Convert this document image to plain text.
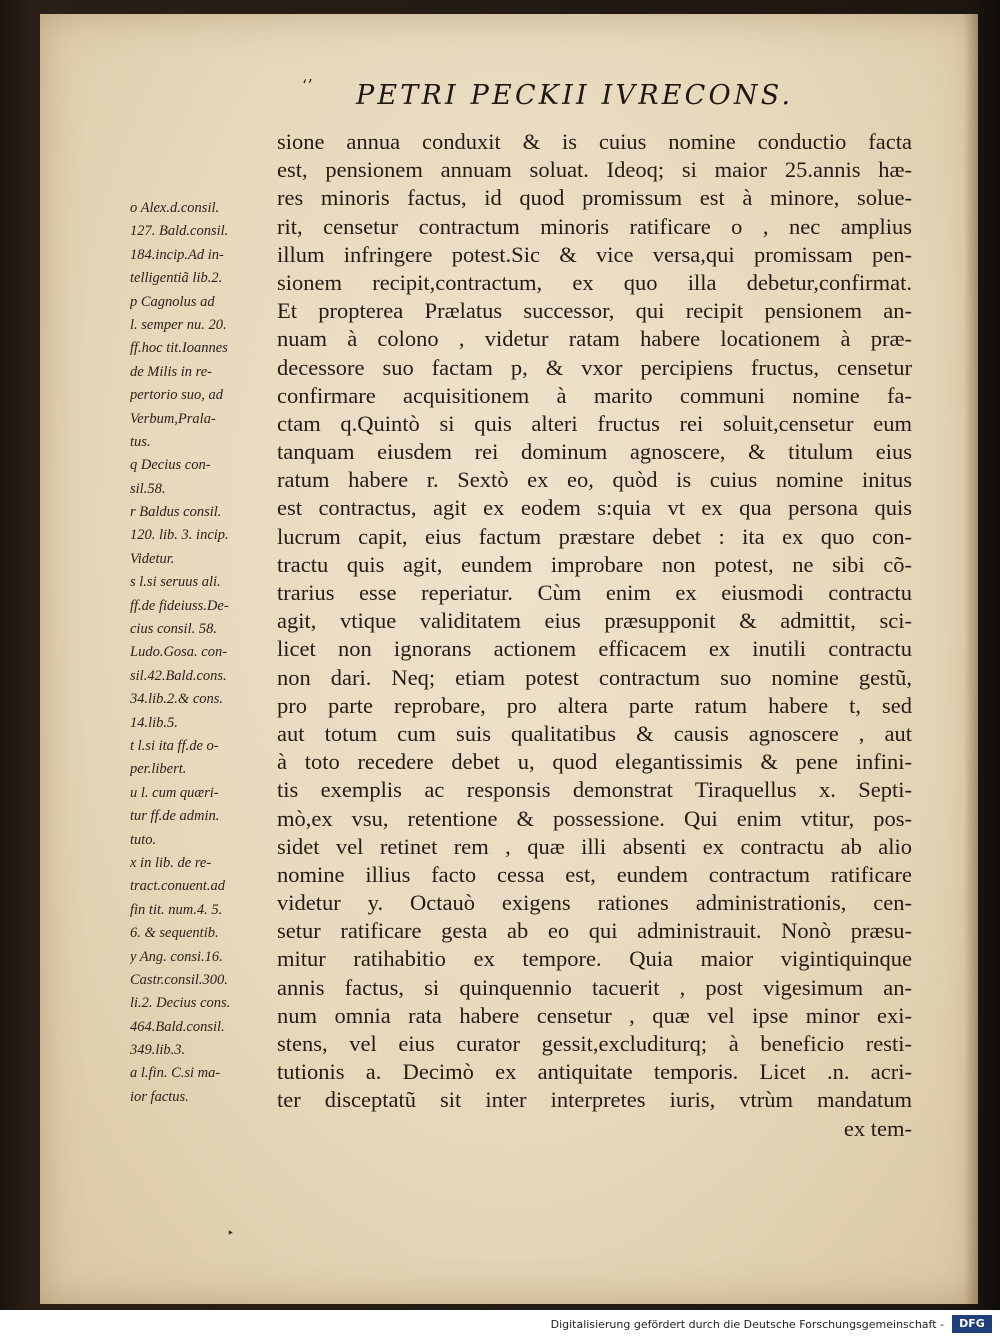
ʻʼ PETRI PECKII IVRECONS.
sione annua conduxit & is cuius nomine conductio facta
est, pensionem annuam soluat. Ideoq; si maior 25.annis hæ-
res minoris factus, id quod promissum est à minore, solue-
rit, censetur contractum minoris ratificare o , nec amplius
illum infringere potest.Sic & vice versa,qui promissam pen-
sionem recipit,contractum, ex quo illa debetur,confirmat.
Et propterea Prælatus successor, qui recipit pensionem an-
nuam à colono , videtur ratam habere locationem à præ-
decessore suo factam p, & vxor percipiens fructus, censetur
confirmare acquisitionem à marito communi nomine fa-
ctam q.Quintò si quis alteri fructus rei soluit,censetur eum
tanquam eiusdem rei dominum agnoscere, & titulum eius
ratum habere r. Sextò ex eo, quòd is cuius nomine initus
est contractus, agit ex eodem s:quia vt ex qua persona quis
lucrum capit, eius factum præstare debet : ita ex quo con-
tractu quis agit, eundem improbare non potest, ne sibi cõ-
trarius esse reperiatur. Cùm enim ex eiusmodi contractu
agit, vtique validitatem eius præsupponit & admittit, sci-
licet non ignorans actionem efficacem ex inutili contractu
non dari. Neq; etiam potest contractum suo nomine gestũ,
pro parte reprobare, pro altera parte ratum habere t, sed
aut totum cum suis qualitatibus & causis agnoscere , aut
à toto recedere debet u, quod elegantissimis & pene infini-
tis exemplis ac responsis demonstrat Tiraquellus x. Septi-
mò,ex vsu, retentione & possessione. Qui enim vtitur, pos-
sidet vel retinet rem , quæ illi absenti ex contractu ab alio
nomine illius facto cessa est, eundem contractum ratificare
videtur y. Octauò exigens rationes administrationis, cen-
setur ratificare gesta ab eo qui administrauit. Nonò præsu-
mitur ratihabitio ex tempore. Quia maior vigintiquinque
annis factus, si quinquennio tacuerit , post vigesimum an-
num omnia rata habere censetur , quæ vel ipse minor exi-
stens, vel eius curator gessit,excluditurq; à beneficio resti-
tutionis a. Decimò ex antiquitate temporis. Licet .n. acri-
ter disceptatũ sit inter interpretes iuris, vtrùm mandatum
ex tem-
o Alex.d.consil.
127. Bald.consil.
184.incip.Ad in-
telligentiã lib.2.
p Cagnolus ad
l. semper nu. 20.
ff.hoc tit.Ioannes
de Milis in re-
pertorio suo, ad
Verbum,Prala-
tus.
q Decius con-
sil.58.
r Baldus consil.
120. lib. 3. incip.
Videtur.
s l.si seruus ali.
ff.de fideiuss.De-
cius consil. 58.
Ludo.Gosa. con-
sil.42.Bald.cons.
34.lib.2.& cons.
14.lib.5.
t l.si ita ff.de o-
per.libert.
u l. cum quæri-
tur ff.de admin.
tuto.
x in lib. de re-
tract.conuent.ad
fin tit. num.4. 5.
6. & sequentib.
y Ang. consi.16.
Castr.consil.300.
li.2. Decius cons.
464.Bald.consil.
349.lib.3.
a l.fin. C.si ma-
ior factus.
‣
Digitalisierung gefördert durch die Deutsche Forschungsgemeinschaft -	DFG
